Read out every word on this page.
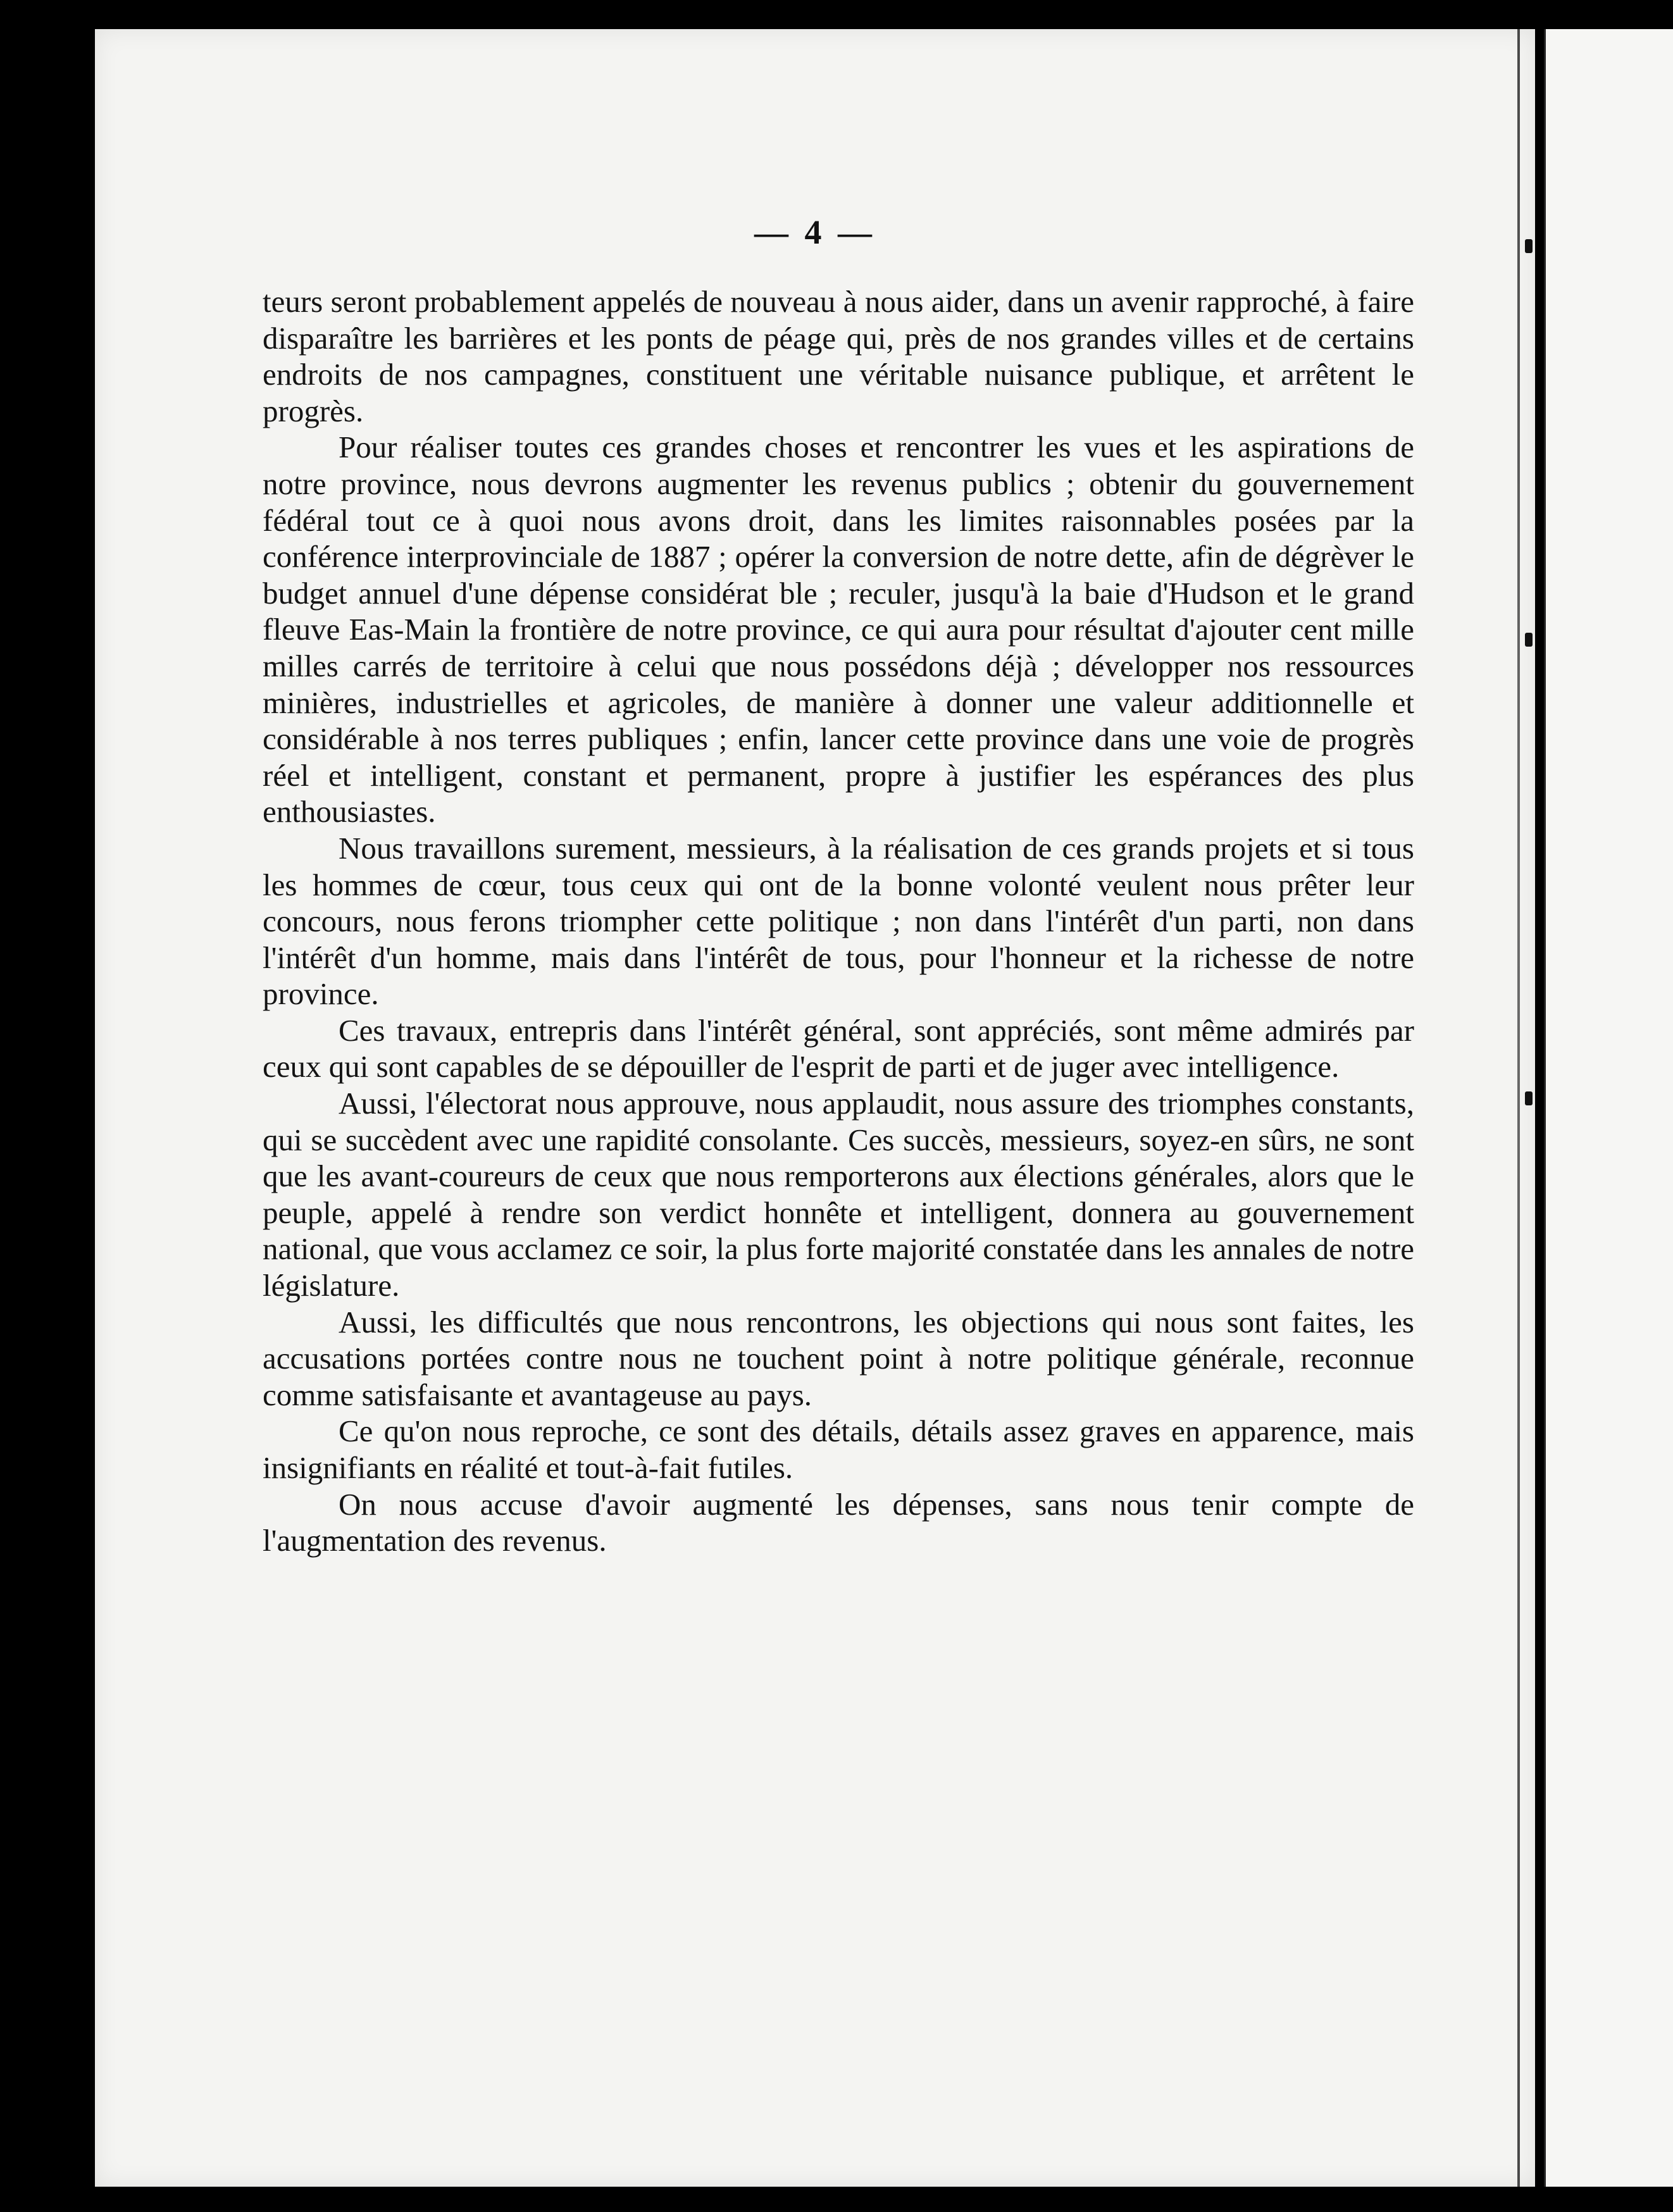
— 4 —

teurs seront probablement appelés de nouveau à nous aider, dans un avenir rapproché, à faire disparaître les barrières et les ponts de péage qui, près de nos grandes villes et de certains endroits de nos campagnes, constituent une véritable nuisance publique, et arrêtent le progrès.

Pour réaliser toutes ces grandes choses et rencontrer les vues et les aspirations de notre province, nous devrons augmenter les revenus publics ; obtenir du gouvernement fédéral tout ce à quoi nous avons droit, dans les limites raisonnables posées par la conférence interprovinciale de 1887 ; opérer la conversion de notre dette, afin de dégrèver le budget annuel d'une dépense considérat ble ; reculer, jusqu'à la baie d'Hudson et le grand fleuve Eas-Main la frontière de notre province, ce qui aura pour résultat d'ajouter cent mille milles carrés de territoire à celui que nous possédons déjà ; développer nos ressources minières, industrielles et agricoles, de manière à donner une valeur additionnelle et considérable à nos terres publiques ; enfin, lancer cette province dans une voie de progrès réel et intelligent, constant et permanent, propre à justifier les espérances des plus enthousiastes.

Nous travaillons surement, messieurs, à la réalisation de ces grands projets et si tous les hommes de cœur, tous ceux qui ont de la bonne volonté veulent nous prêter leur concours, nous ferons triompher cette politique ; non dans l'intérêt d'un parti, non dans l'intérêt d'un homme, mais dans l'intérêt de tous, pour l'honneur et la richesse de notre province.

Ces travaux, entrepris dans l'intérêt général, sont appréciés, sont même admirés par ceux qui sont capables de se dépouiller de l'esprit de parti et de juger avec intelligence.

Aussi, l'électorat nous approuve, nous applaudit, nous assure des triomphes constants, qui se succèdent avec une rapidité consolante. Ces succès, messieurs, soyez-en sûrs, ne sont que les avant-coureurs de ceux que nous remporterons aux élections générales, alors que le peuple, appelé à rendre son verdict honnête et intelligent, donnera au gouvernement national, que vous acclamez ce soir, la plus forte majorité constatée dans les annales de notre législature.

Aussi, les difficultés que nous rencontrons, les objections qui nous sont faites, les accusations portées contre nous ne touchent point à notre politique générale, reconnue comme satisfaisante et avantageuse au pays.

Ce qu'on nous reproche, ce sont des détails, détails assez graves en apparence, mais insignifiants en réalité et tout-à-fait futiles.

On nous accuse d'avoir augmenté les dépenses, sans nous tenir compte de l'augmentation des revenus.
